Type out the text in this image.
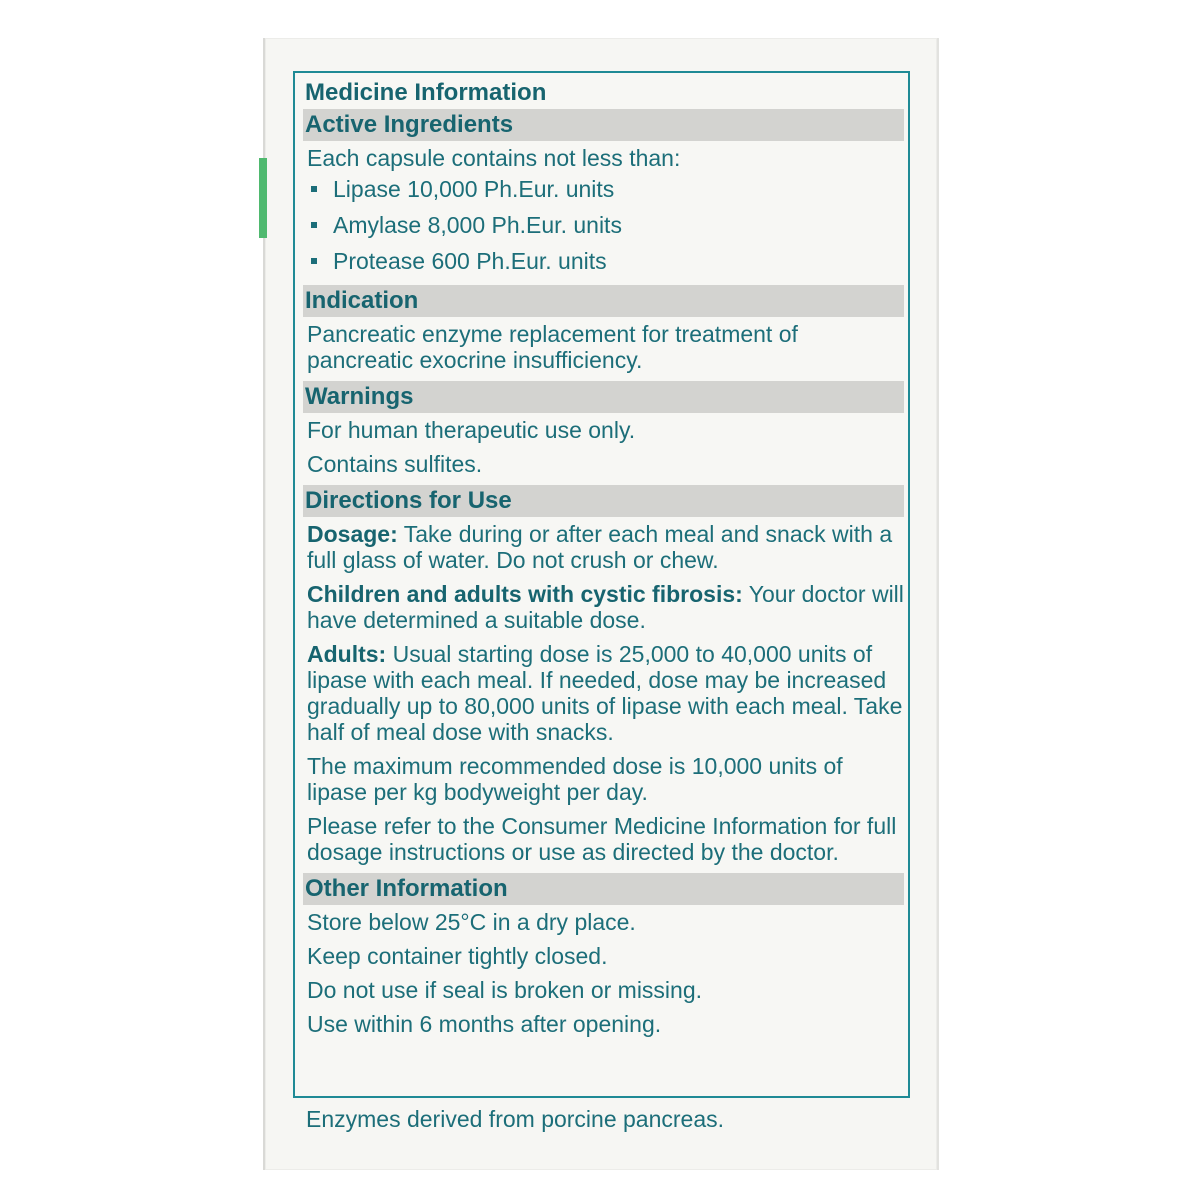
Medicine Information
Active Ingredients
Each capsule contains not less than:
Lipase 10,000 Ph.Eur. units
Amylase 8,000 Ph.Eur. units
Protease 600 Ph.Eur. units
Indication
Pancreatic enzyme replacement for treatment of pancreatic exocrine insufficiency.
Warnings
For human therapeutic use only.
Contains sulfites.
Directions for Use
Dosage: Take during or after each meal and snack with a full glass of water. Do not crush or chew.
Children and adults with cystic fibrosis: Your doctor will have determined a suitable dose.
Adults: Usual starting dose is 25,000 to 40,000 units of lipase with each meal. If needed, dose may be increased gradually up to 80,000 units of lipase with each meal. Take half of meal dose with snacks.
The maximum recommended dose is 10,000 units of lipase per kg bodyweight per day.
Please refer to the Consumer Medicine Information for full dosage instructions or use as directed by the doctor.
Other Information
Store below 25°C in a dry place.
Keep container tightly closed.
Do not use if seal is broken or missing.
Use within 6 months after opening.
Enzymes derived from porcine pancreas.
